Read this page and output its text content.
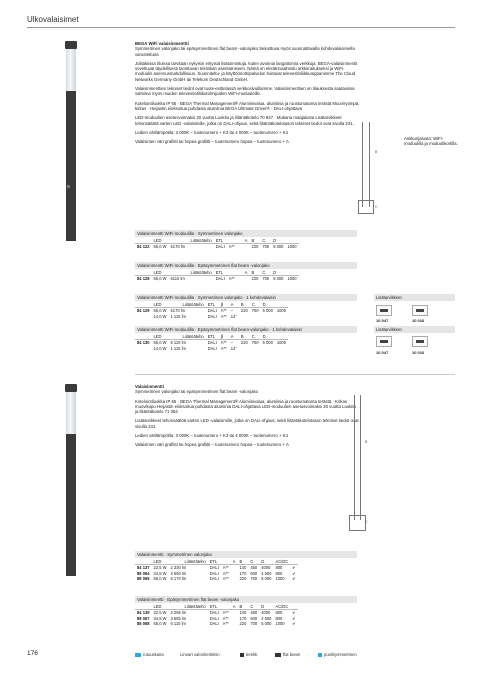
Ulkovalaisimet

BEGA WiFi valaisinmenttti
Symmetrinen valonjako tai epäsymmetrinen flat beam -valonjako Sekoittuva myös suunnattavalla kohdevalaisimella varustettuna

Joiltakiissa tiloissa tarvitaan nykyisin erityisiä lisätoimintoja, kuten avoimia langattomia verkkoja. BEGA-valaisinmentit soveltuvat täydellisesti tarvittavan tekniikan asentamiseen. Nämä on ekstärinvalmistu arkkirraitukseksi ja WiFi-moduulin asennusmahdollisuus. Suunniteltu- ja käyttöönottopalvelun hoitavat televestinliikkumppanimme The Cloud Networks Germany GmbH tai Telekom Deutschland GmbH.

Valaisinmenttien tekniset tiedot ovat tuote-esittelassä verkkosivuillamme. Valaisinmenttien on tilauksesta saatavissa valmiina myös muiden televestintiliikutoimijoiden WiFi-moduuleille.

Kotelointiluokka IP 65 · BEGA Thermal Management® Alumiinivalua, alumiinia ja ruostumatonta terästä Muoviryömpä, kirkas · Heijastin eloksoitua puhdasta alumiinia BEGA Ultimate Driver® · DALI-ohjattava

LED-moduulien asetusvoimaksi 20 vuotta Luokitu ja liitäntäkotelo 70 847 · Mukana maajalusta Lisätarvikkeet tehonsäätöä varten LED -valaisimille, jotka on DALI-ohjaus, sekä liitäntäkotelotason tekniset tiedot ovat sivulla 231.

Ledien värilämpötila: 3 000K – tuotenumero + K3 tai 4 000K – tuotenumero + K4

Valaisimen väri grafiitti tai hopea grafiitti – tuotenumero hopea – tuotenumero + A

B
C
Ankkurijalusta: WiFi-moduulilla ja moduulikortilla.
Valaisinmentti WiFi-moduulilla · Symmetrinen valonjako
	LED	Liitäntäteho	ETL	A	B	C	D	
84 122	55,0 W	6170 lm	DALI	A**	220	700	5 000	1000
Valaisinmentti WiFi-moduulilla · Epäsymmetrinen flat beam -valonjako
	LED	Liitäntäteho	ETL	A	B	C	D	
84 128	55,0 W	6110 lm	DALI	A**	220	700	5 000	1000
Valaisinmentti WiFi-moduulilla · Symmetrinen valonjako · 1 kohdevalaisin	Lisätarvikkeet
	LED	Liitäntäteho	ETL	β	A	B	C	D	
84 129	55,0 W	6170 lm	DALI	A**	–	220	700	5 000	1000
	14,0 W	1 115 lm	DALI	A**	14°				
10 047	10 016
Valaisinmentti WiFi-moduulilla · Epäsymmetrinen flat beam-valonjako · 1 kohdevalaisin	Lisätarvikkeet
	LED	Liitäntäteho	ETL	β	A	B	C	D	
84 130	55,0 W	6 110 lm	DALI	A**	–	220	700	5 000	1000
	14,0 W	1 115 lm	DALI	A**	14°				
10 047	10 016

Valaisinmentti
Symmetrinen valonjako tai epäsymmetrinen flat beam -valonjako

Kotelointiluokka IP 65 · BEGA Thermal Management® Alumiinivalua, alumiinia ja ruostumatonta terästä · Kirkas muovikupu Heijastin eloksoitua puhdasta alumiinia DALI-ohjattava LED-moduulien asetusvoimaksi 20 vuotta Luokitu ja liitäntäkotelo 71 084

Lisätarvikkeet tehonsäätöä varten LED -valaisimille, jotka on DALI-ohjaus, sekä liitäntäkotelotason tekniset tiedot ovat sivulla 231.

Ledien värilämpötila: 3 000K – tuotenumero + K3 tai 4 000K – tuotenumero + K4

Valaisimen väri grafiitti tai hopea grafiitti – tuotenumero hopea – tuotenumero + A

B
C
Valaisinmentti · Symmetrinen valonjako
	LED	Liitäntäteho	ETL	A	B	C	D	AC/DC	
84 137	22,5 W	2 330 lm	DALI	A**	140	450	4000	800	✔
88 064	34,8 W	3 560 lm	DALI	A**	170	600	4 500	800	✔
88 065	55,0 W	6 170 lm	DALI	A**	220	700	5 000	1000	✔
Valaisinmentti · Epäsymmetrinen flat beam -valonjako
	LED	Liitäntäteho	ETL	A	B	C	D	AC/DC	
84 139	22,5 W	2 255 lm	DALI	A**	140	450	4000	800	✔
88 067	34,8 W	3 565 lm	DALI	A**	170	600	4 500	800	✔
88 068	55,0 W	6 110 lm	DALI	A**	220	700	5 000	1000	✔
176	rutuuskaira	Lineart valonheittimin	terekk	flat beam	puolisymmetrinen
